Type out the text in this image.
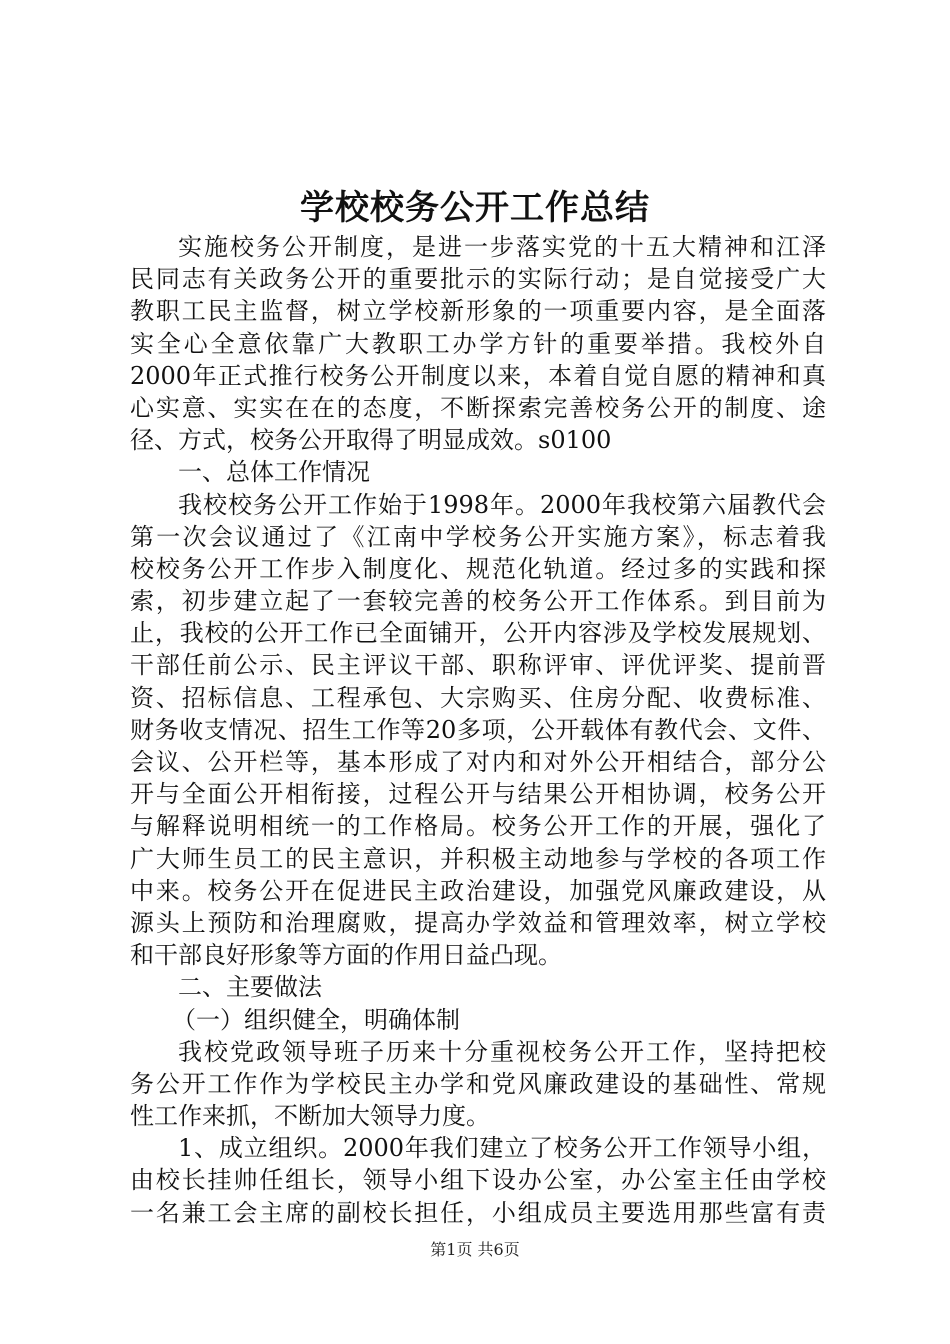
学校校务公开工作总结
实施校务公开制度，是进一步落实党的十五大精神和江泽
民同志有关政务公开的重要批示的实际行动；是自觉接受广大
教职工民主监督，树立学校新形象的一项重要内容，是全面落
实全心全意依靠广大教职工办学方针的重要举措。我校外自
2000年正式推行校务公开制度以来，本着自觉自愿的精神和真
心实意、实实在在的态度，不断探索完善校务公开的制度、途
径、方式，校务公开取得了明显成效。s0100
一、总体工作情况
我校校务公开工作始于1998年。2000年我校第六届教代会
第一次会议通过了《江南中学校务公开实施方案》，标志着我
校校务公开工作步入制度化、规范化轨道。经过多的实践和探
索，初步建立起了一套较完善的校务公开工作体系。到目前为
止，我校的公开工作已全面铺开，公开内容涉及学校发展规划、
干部任前公示、民主评议干部、职称评审、评优评奖、提前晋
资、招标信息、工程承包、大宗购买、住房分配、收费标准、
财务收支情况、招生工作等20多项，公开载体有教代会、文件、
会议、公开栏等，基本形成了对内和对外公开相结合，部分公
开与全面公开相衔接，过程公开与结果公开相协调，校务公开
与解释说明相统一的工作格局。校务公开工作的开展，强化了
广大师生员工的民主意识，并积极主动地参与学校的各项工作
中来。校务公开在促进民主政治建设，加强党风廉政建设，从
源头上预防和治理腐败，提高办学效益和管理效率，树立学校
和干部良好形象等方面的作用日益凸现。
二、主要做法
（一）组织健全，明确体制
我校党政领导班子历来十分重视校务公开工作，坚持把校
务公开工作作为学校民主办学和党风廉政建设的基础性、常规
性工作来抓，不断加大领导力度。
1、成立组织。2000年我们建立了校务公开工作领导小组，
由校长挂帅任组长，领导小组下设办公室，办公室主任由学校
一名兼工会主席的副校长担任，小组成员主要选用那些富有责
第1页 共6页
